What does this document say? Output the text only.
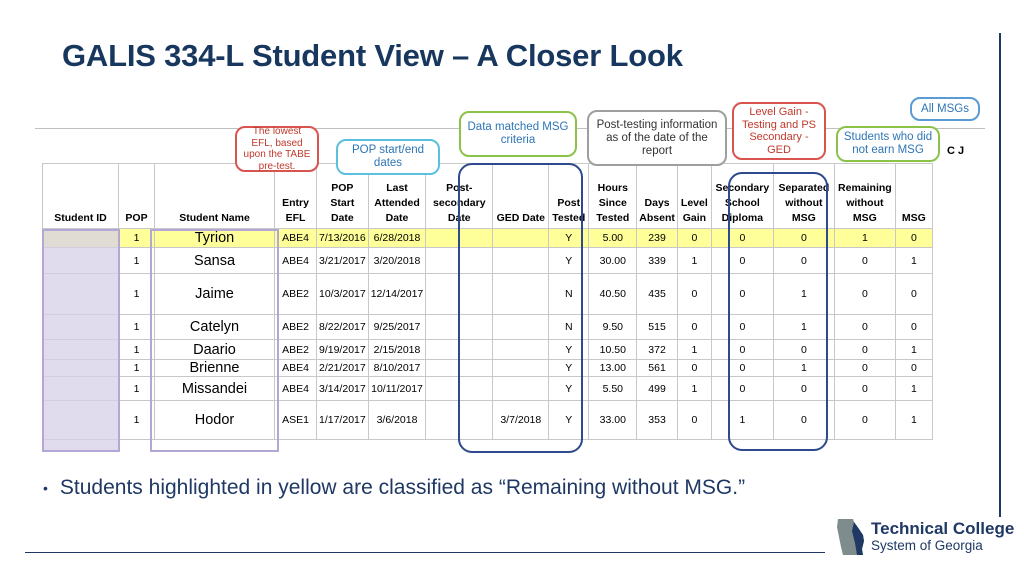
GALIS 334-L Student View – A Closer Look
Student ID	POP	Student Name	Entry EFL	POP Start Date	Last Attended Date	Post-secondary Date	GED Date	Post Tested	Hours Since Tested	Days Absent	Level Gain	Secondary School Diploma	Separated without MSG	Remaining without MSG	MSG
	1	Tyrion	ABE4	7/13/2016	6/28/2018			Y	5.00	239	0	0	0	1	0
	1	Sansa	ABE4	3/21/2017	3/20/2018			Y	30.00	339	1	0	0	0	1
	1	Jaime	ABE2	10/3/2017	12/14/2017			N	40.50	435	0	0	1	0	0
	1	Catelyn	ABE2	8/22/2017	9/25/2017			N	9.50	515	0	0	1	0	0
	1	Daario	ABE2	9/19/2017	2/15/2018			Y	10.50	372	1	0	0	0	1
	1	Brienne	ABE4	2/21/2017	8/10/2017			Y	13.00	561	0	0	1	0	0
	1	Missandei	ABE4	3/14/2017	10/11/2017			Y	5.50	499	1	0	0	0	1
	1	Hodor	ASE1	1/17/2017	3/6/2018		3/7/2018	Y	33.00	353	0	1	0	0	1
The lowest EFL, based upon the TABE pre-test.
POP start/end dates
Data matched MSG criteria
Post-testing information as of the date of the report
Level Gain - Testing and PS Secondary - GED
All MSGs
Students who did not earn MSG	C J
• Students highlighted in yellow are classified as “Remaining without MSG.”
Technical College
System of Georgia
